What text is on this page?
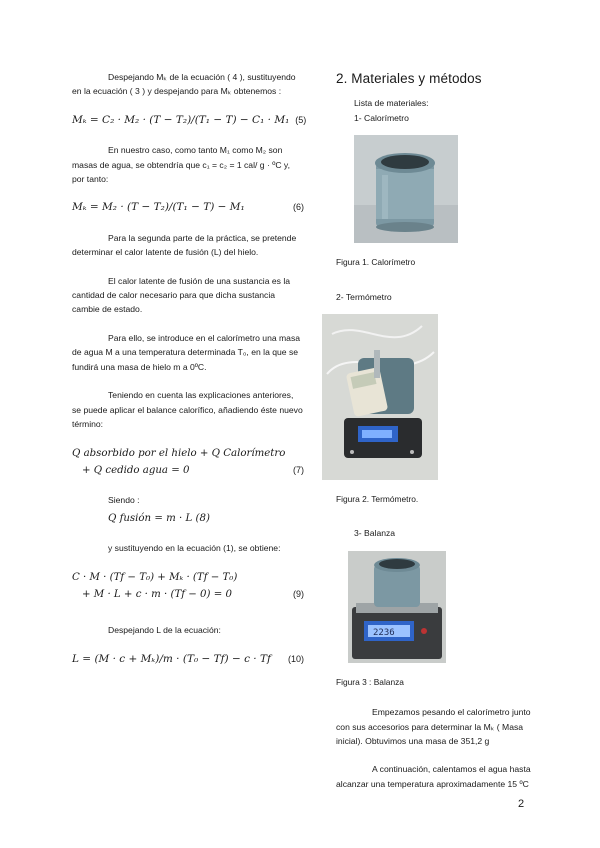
Despejando Mₖ de la ecuación ( 4 ), sustituyendo en la ecuación ( 3 ) y despejando para Mₖ obtenemos :

Mₖ = C₂ · M₂ · (T − T₂)/(T₁ − T) − C₁ · M₁ (5)

En nuestro caso, como tanto M₁ como M₂ son masas de agua, se obtendría que c₁ = c₂ = 1 cal/ g · ºC y, por tanto:

Mₖ = M₂ · (T − T₂)/(T₁ − T) − M₁	(6)

Para la segunda parte de la práctica, se pretende determinar el calor latente de fusión (L) del hielo.

El calor latente de fusión de una sustancia es la cantidad de calor necesario para que dicha sustancia cambie de estado.

Para ello, se introduce en el calorímetro una masa de agua M a una temperatura determinada T₀, en la que se fundirá una masa de hielo m a 0ºC.

Teniendo en cuenta las explicaciones anteriores, se puede aplicar el balance calorífico, añadiendo éste nuevo término:

Q absorbido por el hielo + Q Calorímetro
+ Q cedido agua = 0	(7)
Siendo :
Q fusión = m · L (8)

y sustituyendo en la ecuación (1), se obtiene:

C · M · (Tf − T₀) + Mₖ · (Tf − T₀)
+ M · L + c · m · (Tf − 0) = 0	(9)

Despejando L de la ecuación:

L = (M · c + Mₖ)/m · (T₀ − Tf) − c · Tf (10)
2. Materiales y métodos

Lista de materiales:

1- Calorímetro

Figura 1. Calorímetro

2- Termómetro

Figura 2. Termómetro.

3- Balanza

2236

Figura 3 : Balanza

Empezamos pesando el calorímetro junto con sus accesorios para determinar la Mₖ ( Masa inicial). Obtuvimos una masa de 351,2 g

A continuación, calentamos el agua hasta alcanzar una temperatura aproximadamente 15 ºC

2
